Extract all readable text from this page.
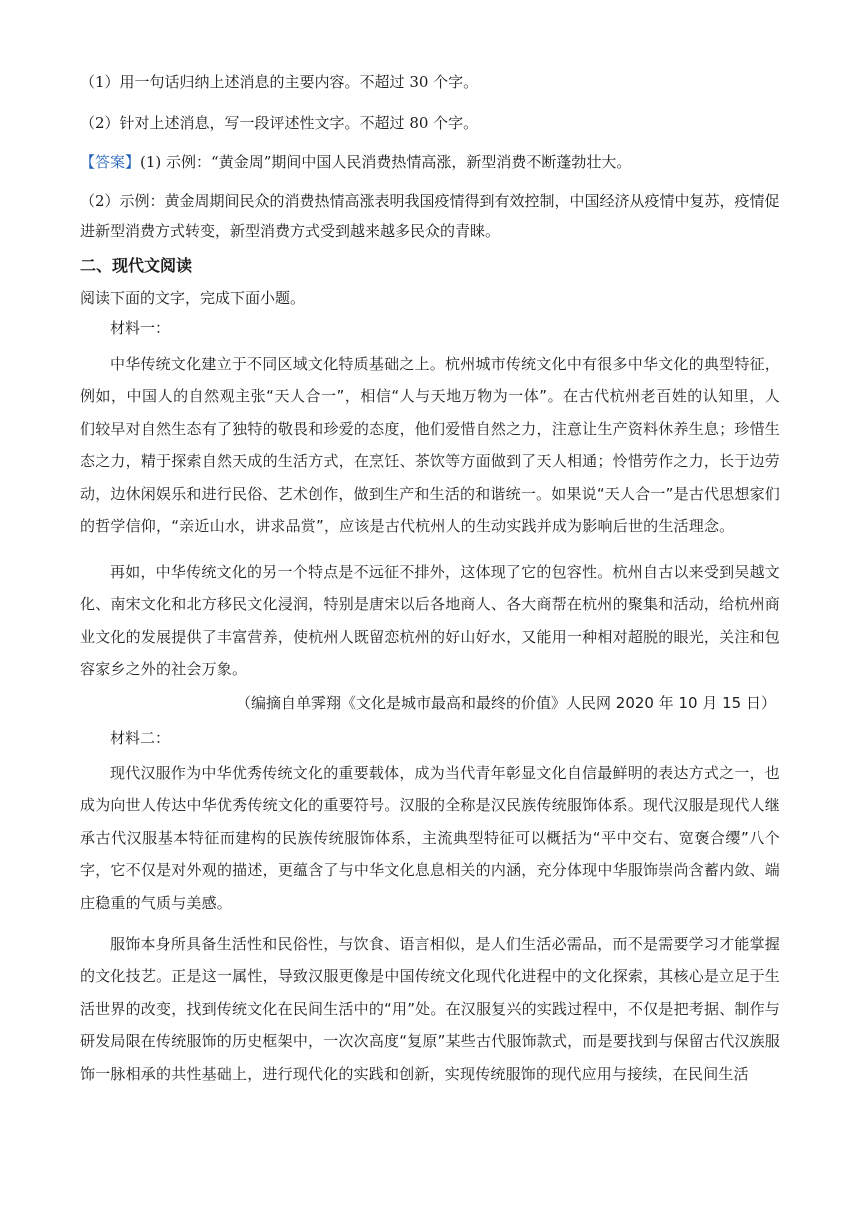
（1）用一句话归纳上述消息的主要内容。不超过 30 个字。
（2）针对上述消息，写一段评述性文字。不超过 80 个字。
【答案】(1) 示例：“黄金周”期间中国人民消费热情高涨，新型消费不断蓬勃壮大。
（2）示例：黄金周期间民众的消费热情高涨表明我国疫情得到有效控制，中国经济从疫情中复苏，疫情促
进新型消费方式转变，新型消费方式受到越来越多民众的青睐。
二、现代文阅读
阅读下面的文字，完成下面小题。
材料一：

中华传统文化建立于不同区域文化特质基础之上。杭州城市传统文化中有很多中华文化的典型特征，例如，中国人的自然观主张“天人合一”，相信“人与天地万物为一体”。在古代杭州老百姓的认知里，人们较早对自然生态有了独特的敬畏和珍爱的态度，他们爱惜自然之力，注意让生产资料休养生息；珍惜生态之力，精于探索自然天成的生活方式，在烹饪、茶饮等方面做到了天人相通；怜惜劳作之力，长于边劳动，边休闲娱乐和进行民俗、艺术创作，做到生产和生活的和谐统一。如果说“天人合一”是古代思想家们的哲学信仰，“亲近山水，讲求品赏”，应该是古代杭州人的生动实践并成为影响后世的生活理念。

再如，中华传统文化的另一个特点是不远征不排外，这体现了它的包容性。杭州自古以来受到吴越文化、南宋文化和北方移民文化浸润，特别是唐宋以后各地商人、各大商帮在杭州的聚集和活动，给杭州商业文化的发展提供了丰富营养，使杭州人既留恋杭州的好山好水，又能用一种相对超脱的眼光，关注和包容家乡之外的社会万象。

（编摘自单霁翔《文化是城市最高和最终的价值》人民网 2020 年 10 月 15 日）
材料二：

现代汉服作为中华优秀传统文化的重要载体，成为当代青年彰显文化自信最鲜明的表达方式之一，也成为向世人传达中华优秀传统文化的重要符号。汉服的全称是汉民族传统服饰体系。现代汉服是现代人继承古代汉服基本特征而建构的民族传统服饰体系，主流典型特征可以概括为“平中交右、宽褒合缨”八个字，它不仅是对外观的描述，更蕴含了与中华文化息息相关的内涵，充分体现中华服饰崇尚含蓄内敛、端庄稳重的气质与美感。

服饰本身所具备生活性和民俗性，与饮食、语言相似，是人们生活必需品，而不是需要学习才能掌握的文化技艺。正是这一属性，导致汉服更像是中国传统文化现代化进程中的文化探索，其核心是立足于生活世界的改变，找到传统文化在民间生活中的“用”处。在汉服复兴的实践过程中，不仅是把考据、制作与研发局限在传统服饰的历史框架中，一次次高度“复原”某些古代服饰款式，而是要找到与保留古代汉族服饰一脉相承的共性基础上，进行现代化的实践和创新，实现传统服饰的现代应用与接续，在民间生活
